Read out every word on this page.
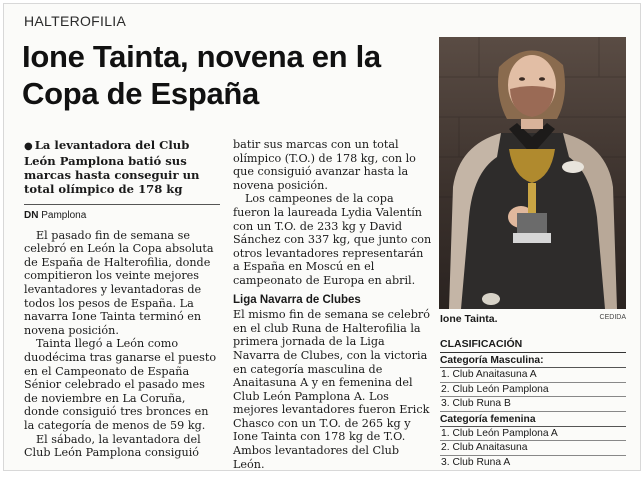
HALTEROFILIA
Ione Tainta, novena en la Copa de España
● La levantadora del Club León Pamplona batió sus marcas hasta conseguir un total olímpico de 178 kg
DN Pamplona

El pasado fin de semana se celebró en León la Copa absoluta de España de Halterofilia, donde compitieron los veinte mejores levantadores y levantadoras de todos los pesos de España. La navarra Ione Tainta terminó en novena posición.

Tainta llegó a León como duodécima tras ganarse el puesto en el Campeonato de España Sénior celebrado el pasado mes de noviembre en La Coruña, donde consiguió tres bronces en la categoría de menos de 59 kg.

El sábado, la levantadora del Club León Pamplona consiguió

batir sus marcas con un total olímpico (T.O.) de 178 kg, con lo que consiguió avanzar hasta la novena posición.

Los campeones de la copa fueron la laureada Lydia Valentín con un T.O. de 233 kg y David Sánchez con 337 kg, que junto con otros levantadores representarán a España en Moscú en el campeonato de Europa en abril.

Liga Navarra de Clubes

El mismo fin de semana se celebró en el club Runa de Halterofilia la primera jornada de la Liga Navarra de Clubes, con la victoria en categoría masculina de Anaitasuna A y en femenina del Club León Pamplona A. Los mejores levantadores fueron Erick Chasco con un T.O. de 265 kg y Ione Tainta con 178 kg de T.O. Ambos levantadores del Club León.

Ione Tainta.	CEDIDA
CLASIFICACIÓN
Categoría Masculina:
1. Club Anaitasuna A
2. Club León Pamplona
3. Club Runa B
Categoría femenina
1. Club León Pamplona A
2. Club Anaitasuna
3. Club Runa A
